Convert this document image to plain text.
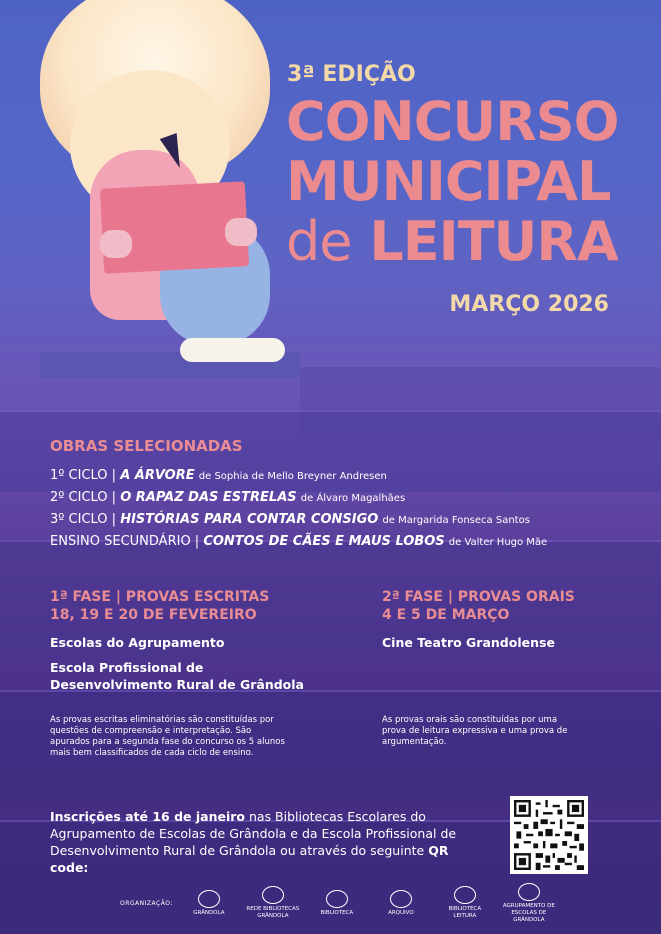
3ª EDIÇÃO
CONCURSO
MUNICIPAL
de LEITURA
MARÇO 2026
OBRAS SELECIONADAS
1º CICLO | A ÁRVORE de Sophia de Mello Breyner Andresen
2º CICLO | O RAPAZ DAS ESTRELAS de Álvaro Magalhães
3º CICLO | HISTÓRIAS PARA CONTAR CONSIGO de Margarida Fonseca Santos
ENSINO SECUNDÁRIO | CONTOS DE CÃES E MAUS LOBOS de Valter Hugo Mãe
1ª FASE | PROVAS ESCRITAS
18, 19 E 20 DE FEVEREIRO
Escolas do Agrupamento
Escola Profissional de
Desenvolvimento Rural de Grândola
As provas escritas eliminatórias são constituídas por questões de compreensão e interpretação. São apurados para a segunda fase do concurso os 5 alunos mais bem classificados de cada ciclo de ensino.
2ª FASE | PROVAS ORAIS
4 E 5 DE MARÇO
Cine Teatro Grandolense
As provas orais são constituídas por uma prova de leitura expressiva e uma prova de argumentação.
Inscrições até 16 de janeiro nas Bibliotecas Escolares do Agrupamento de Escolas de Grândola e da Escola Profissional de Desenvolvimento Rural de Grândola ou através do seguinte QR code:
ORGANIZAÇÃO:
GRÂNDOLA
REDE BIBLIOTECAS GRÂNDOLA
BIBLIOTECA	ARQUIVO
BIBLIOTECA LEITURA
AGRUPAMENTO DE ESCOLAS DE GRÂNDOLA
